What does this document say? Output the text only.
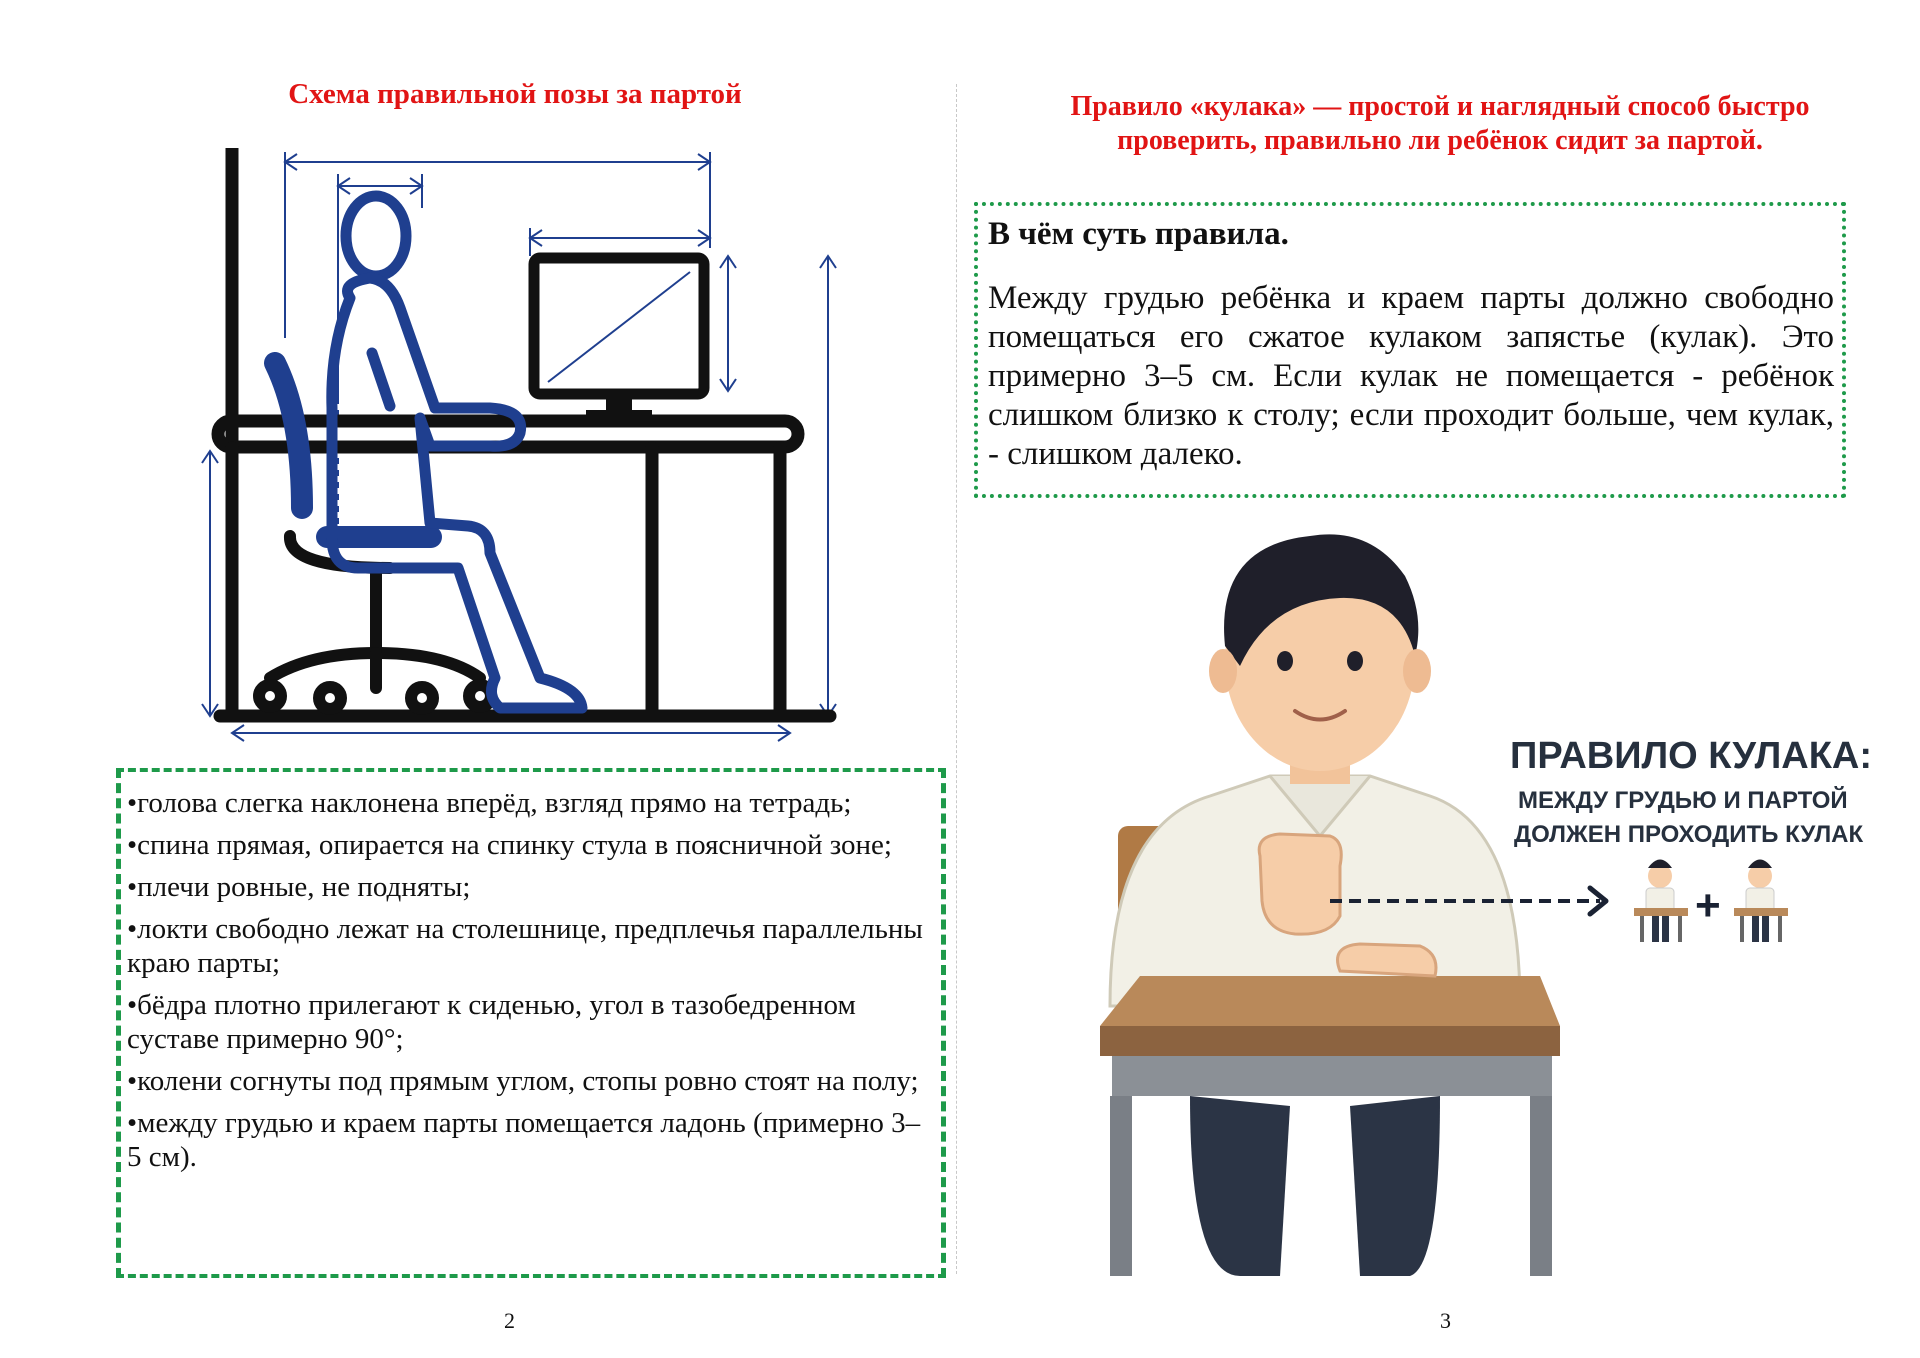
Схема правильной позы за партой

•голова слегка наклонена вперёд, взгляд прямо на тетрадь;

•спина прямая, опирается на спинку стула в поясничной зоне;

•плечи ровные, не подняты;

•локти свободно лежат на столешнице, предплечья параллельны краю парты;

•бёдра плотно прилегают к сиденью, угол в тазобедренном суставе примерно 90°;

•колени согнуты под прямым углом, стопы ровно стоят на полу;

•между грудью и краем парты помещается ладонь (примерно 3–5 см).

2
Правило «кулака» — простой и наглядный способ быстро проверить, правильно ли ребёнок сидит за партой.
В чём суть правила.

Между грудью ребёнка и краем парты должно свободно помещаться его сжатое кулаком запястье (кулак). Это примерно 3–5 см. Если кулак не помещается - ребёнок слишком близко к столу; если проходит больше, чем кулак, - слишком далеко.

+
ПРАВИЛО КУЛАКА:
МЕЖДУ ГРУДЬЮ И ПАРТОЙ
ДОЛЖЕН ПРОХОДИТЬ КУЛАК
3
